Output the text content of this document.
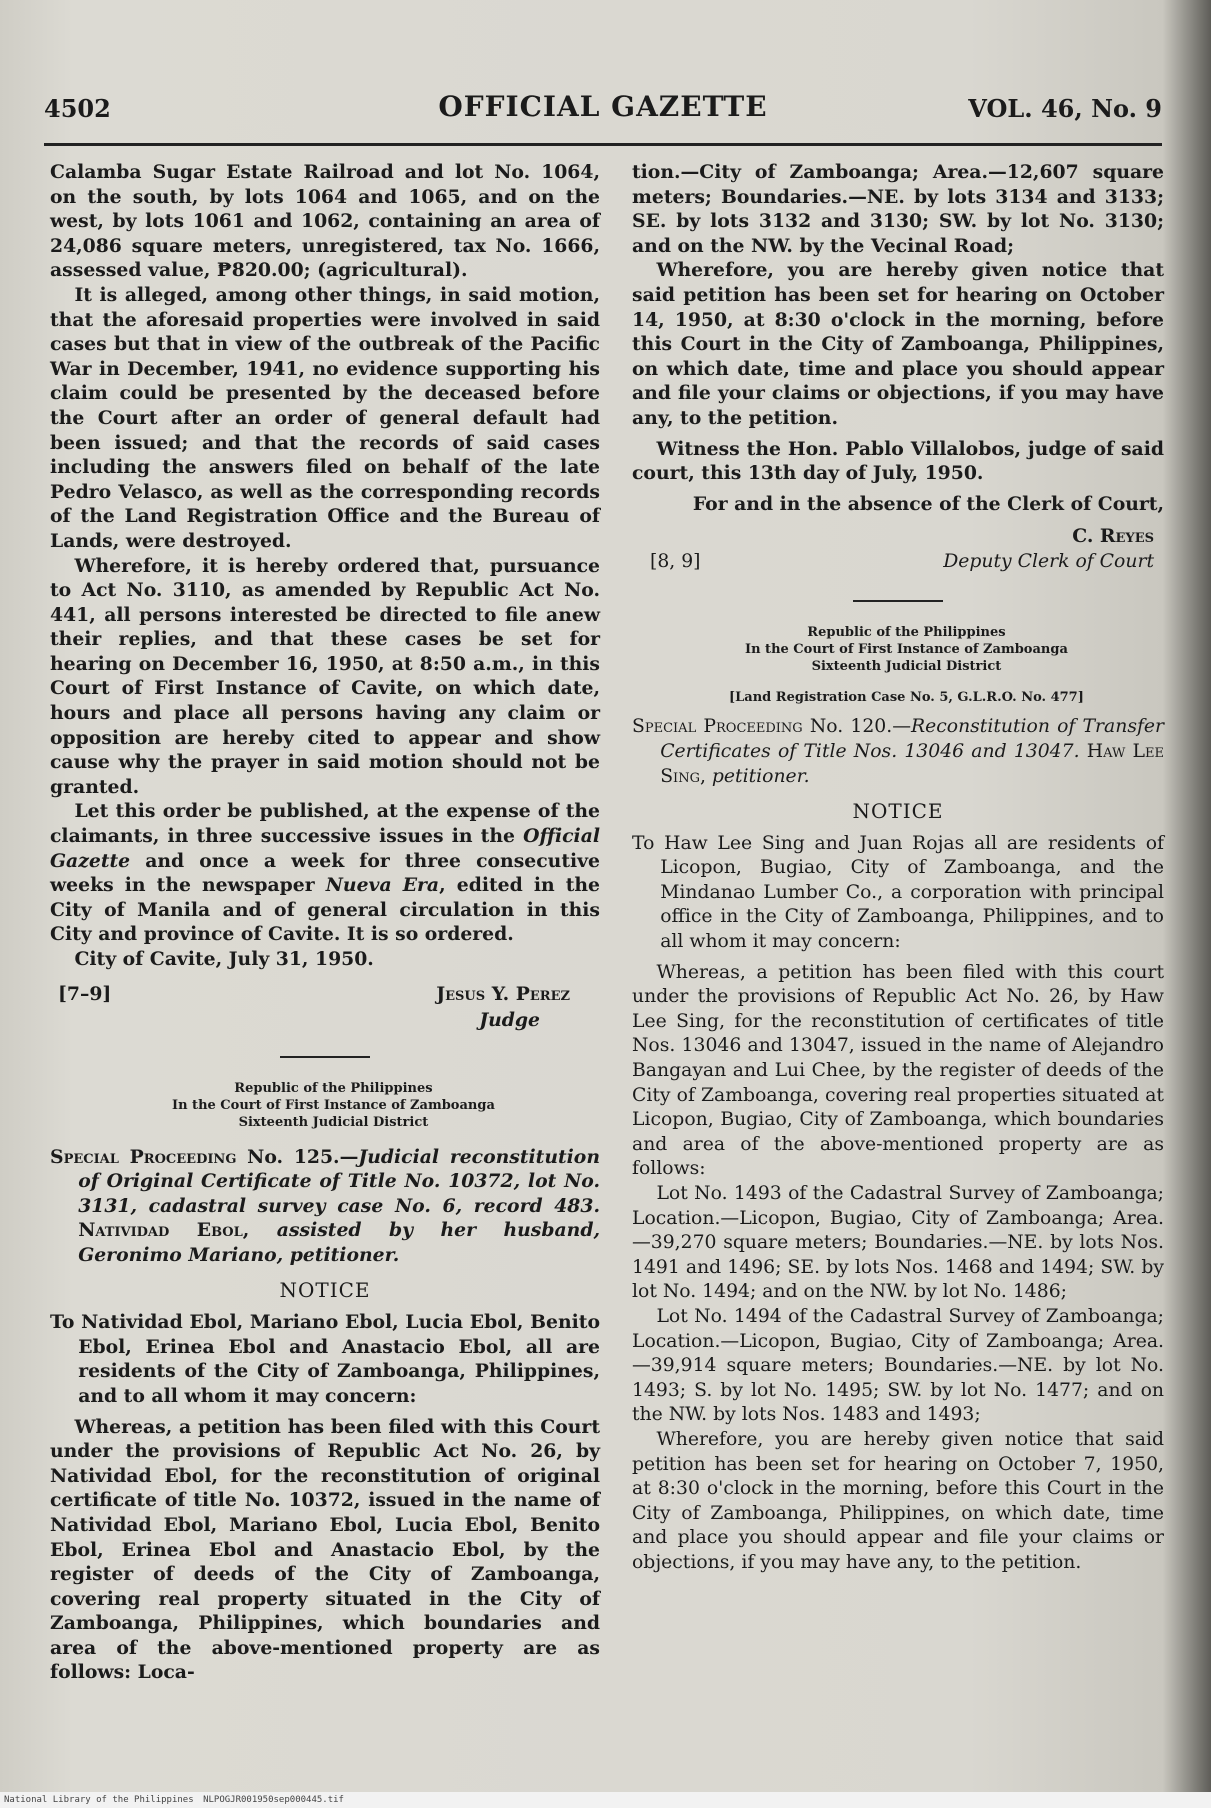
4502	OFFICIAL GAZETTE	VOL. 46, No. 9

Calamba Sugar Estate Railroad and lot No. 1064, on the south, by lots 1064 and 1065, and on the west, by lots 1061 and 1062, containing an area of 24,086 square meters, unregistered, tax No. 1666, assessed value, ₱820.00; (agricultural).

It is alleged, among other things, in said motion, that the aforesaid properties were involved in said cases but that in view of the outbreak of the Pacific War in December, 1941, no evidence supporting his claim could be presented by the deceased before the Court after an order of general default had been issued; and that the records of said cases including the answers filed on behalf of the late Pedro Velasco, as well as the corresponding records of the Land Registration Office and the Bureau of Lands, were destroyed.

Wherefore, it is hereby ordered that, pursuance to Act No. 3110, as amended by Republic Act No. 441, all persons interested be directed to file anew their replies, and that these cases be set for hearing on December 16, 1950, at 8:50 a.m., in this Court of First Instance of Cavite, on which date, hours and place all persons having any claim or opposition are hereby cited to appear and show cause why the prayer in said motion should not be granted.

Let this order be published, at the expense of the claimants, in three successive issues in the Official Gazette and once a week for three consecutive weeks in the newspaper Nueva Era, edited in the City of Manila and of general circulation in this City and province of Cavite. It is so ordered.

City of Cavite, July 31, 1950.

[7–9]	Jesus Y. Perez
Judge

Republic of the Philippines

In the Court of First Instance of Zamboanga

Sixteenth Judicial District

Special Proceeding No. 125.—Judicial reconstitution of Original Certificate of Title No. 10372, lot No. 3131, cadastral survey case No. 6, record 483. Natividad Ebol, assisted by her husband, Geronimo Mariano, petitioner.

NOTICE

To Natividad Ebol, Mariano Ebol, Lucia Ebol, Benito Ebol, Erinea Ebol and Anastacio Ebol, all are residents of the City of Zamboanga, Philippines, and to all whom it may concern:

Whereas, a petition has been filed with this Court under the provisions of Republic Act No. 26, by Natividad Ebol, for the reconstitution of original certificate of title No. 10372, issued in the name of Natividad Ebol, Mariano Ebol, Lucia Ebol, Benito Ebol, Erinea Ebol and Anastacio Ebol, by the register of deeds of the City of Zamboanga, covering real property situated in the City of Zamboanga, Philippines, which boundaries and area of the above-mentioned property are as follows: Loca-

tion.—City of Zamboanga; Area.—12,607 square meters; Boundaries.—NE. by lots 3134 and 3133; SE. by lots 3132 and 3130; SW. by lot No. 3130; and on the NW. by the Vecinal Road;

Wherefore, you are hereby given notice that said petition has been set for hearing on October 14, 1950, at 8:30 o'clock in the morning, before this Court in the City of Zamboanga, Philippines, on which date, time and place you should appear and file your claims or objections, if you may have any, to the petition.

Witness the Hon. Pablo Villalobos, judge of said court, this 13th day of July, 1950.

For and in the absence of the Clerk of Court,

[8, 9]
C. Reyes
Deputy Clerk of Court

Republic of the Philippines

In the Court of First Instance of Zamboanga

Sixteenth Judicial District

[Land Registration Case No. 5, G.L.R.O. No. 477]

Special Proceeding No. 120.—Reconstitution of Transfer Certificates of Title Nos. 13046 and 13047. Haw Lee Sing, petitioner.

NOTICE

To Haw Lee Sing and Juan Rojas all are residents of Licopon, Bugiao, City of Zamboanga, and the Mindanao Lumber Co., a corporation with principal office in the City of Zamboanga, Philippines, and to all whom it may concern:

Whereas, a petition has been filed with this court under the provisions of Republic Act No. 26, by Haw Lee Sing, for the reconstitution of certificates of title Nos. 13046 and 13047, issued in the name of Alejandro Bangayan and Lui Chee, by the register of deeds of the City of Zamboanga, covering real properties situated at Licopon, Bugiao, City of Zamboanga, which boundaries and area of the above-mentioned property are as follows:

Lot No. 1493 of the Cadastral Survey of Zamboanga; Location.—Licopon, Bugiao, City of Zamboanga; Area.—39,270 square meters; Boundaries.—NE. by lots Nos. 1491 and 1496; SE. by lots Nos. 1468 and 1494; SW. by lot No. 1494; and on the NW. by lot No. 1486;

Lot No. 1494 of the Cadastral Survey of Zamboanga; Location.—Licopon, Bugiao, City of Zamboanga; Area.—39,914 square meters; Boundaries.—NE. by lot No. 1493; S. by lot No. 1495; SW. by lot No. 1477; and on the NW. by lots Nos. 1483 and 1493;

Wherefore, you are hereby given notice that said petition has been set for hearing on October 7, 1950, at 8:30 o'clock in the morning, before this Court in the City of Zamboanga, Philippines, on which date, time and place you should appear and file your claims or objections, if you may have any, to the petition.

National Library of the Philippines NLPOGJR001950sep000445.tif
